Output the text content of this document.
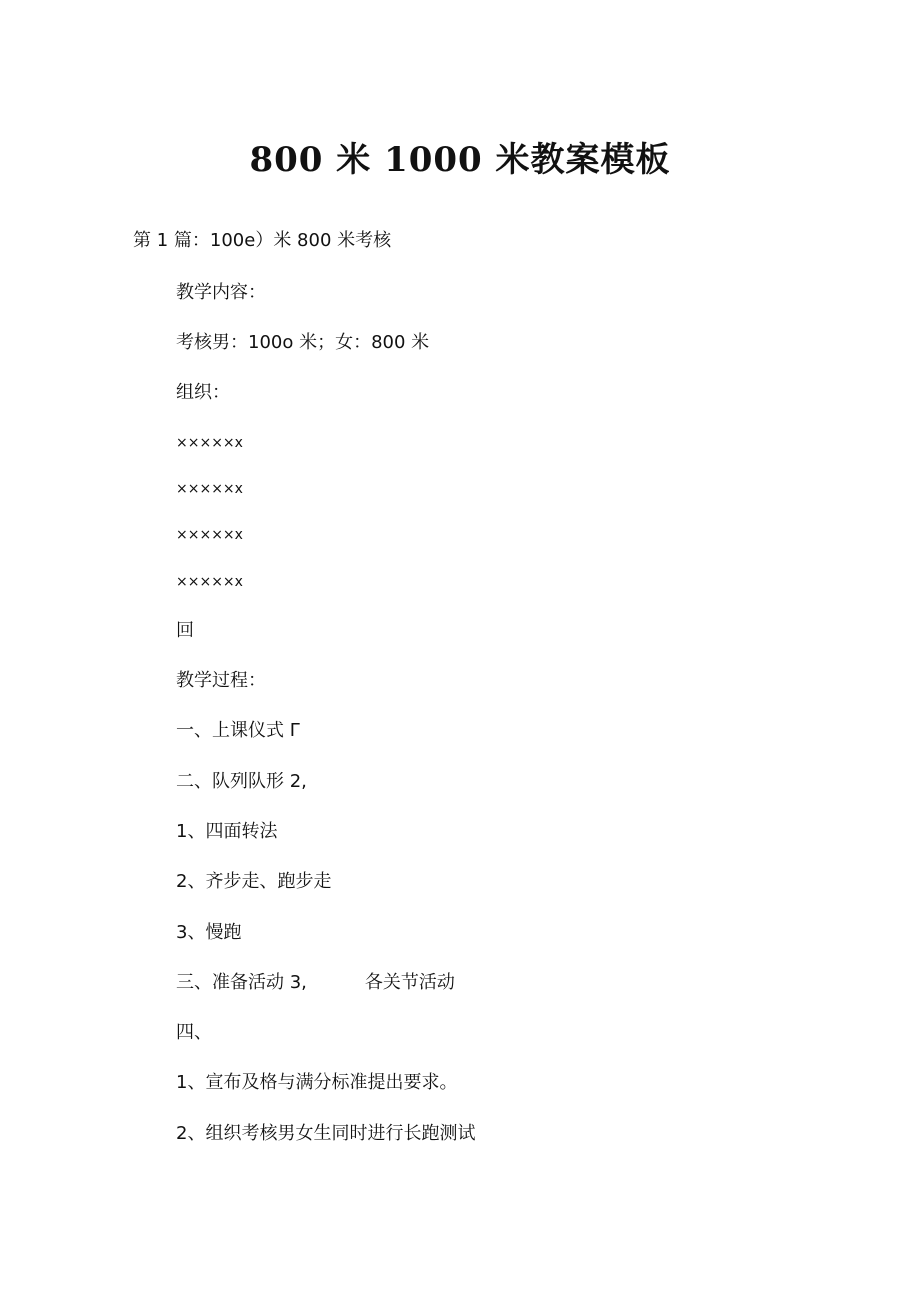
800 米 1000 米教案模板
第 1 篇：100e）米 800 米考核
教学内容：
考核男：100o 米；女：800 米
组织：
×××××x
×××××x
×××××x
×××××x
回
教学过程：
一、上课仪式 Γ
二、队列队形 2,
1、四面转法
2、齐步走、跑步走
3、慢跑
三、准备活动 3,	各关节活动
四、
1、宣布及格与满分标准提出要求。
2、组织考核男女生同时进行长跑测试
